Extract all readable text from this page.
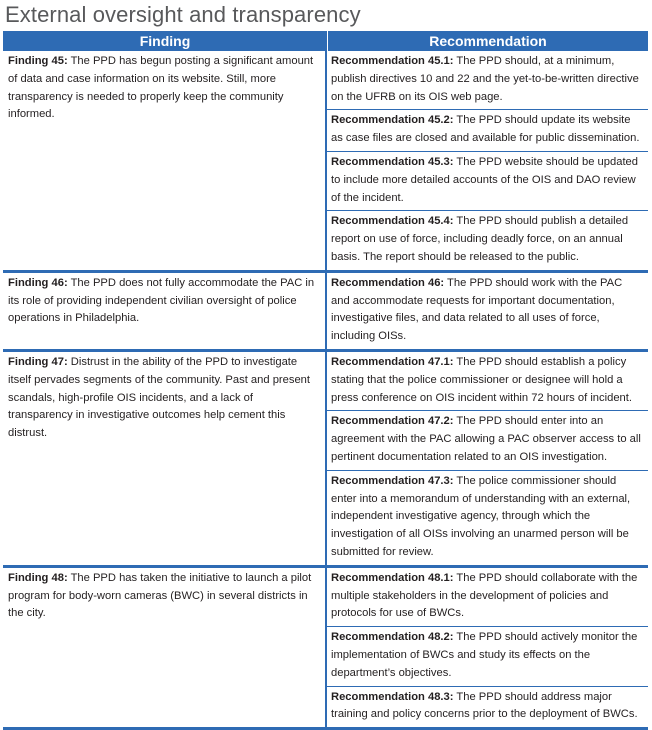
External oversight and transparency
Finding	Recommendation
Finding 45: The PPD has begun posting a significant amount of data and case information on its website. Still, more transparency is needed to properly keep the community informed.
Recommendation 45.1: The PPD should, at a minimum, publish directives 10 and 22 and the yet-to-be-written directive on the UFRB on its OIS web page.
Recommendation 45.2: The PPD should update its website as case files are closed and available for public dissemination.
Recommendation 45.3: The PPD website should be updated to include more detailed accounts of the OIS and DAO review of the incident.
Recommendation 45.4: The PPD should publish a detailed report on use of force, including deadly force, on an annual basis. The report should be released to the public.
Finding 46: The PPD does not fully accommodate the PAC in its role of providing independent civilian oversight of police operations in Philadelphia.
Recommendation 46: The PPD should work with the PAC and accommodate requests for important documentation, investigative files, and data related to all uses of force, including OISs.
Finding 47: Distrust in the ability of the PPD to investigate itself pervades segments of the community. Past and present scandals, high-profile OIS incidents, and a lack of transparency in investigative outcomes help cement this distrust.
Recommendation 47.1: The PPD should establish a policy stating that the police commissioner or designee will hold a press conference on OIS incident within 72 hours of incident.
Recommendation 47.2: The PPD should enter into an agreement with the PAC allowing a PAC observer access to all pertinent documentation related to an OIS investigation.
Recommendation 47.3: The police commissioner should enter into a memorandum of understanding with an external, independent investigative agency, through which the investigation of all OISs involving an unarmed person will be submitted for review.
Finding 48: The PPD has taken the initiative to launch a pilot program for body-worn cameras (BWC) in several districts in the city.
Recommendation 48.1: The PPD should collaborate with the multiple stakeholders in the development of policies and protocols for use of BWCs.
Recommendation 48.2: The PPD should actively monitor the implementation of BWCs and study its effects on the department’s objectives.
Recommendation 48.3: The PPD should address major training and policy concerns prior to the deployment of BWCs.
